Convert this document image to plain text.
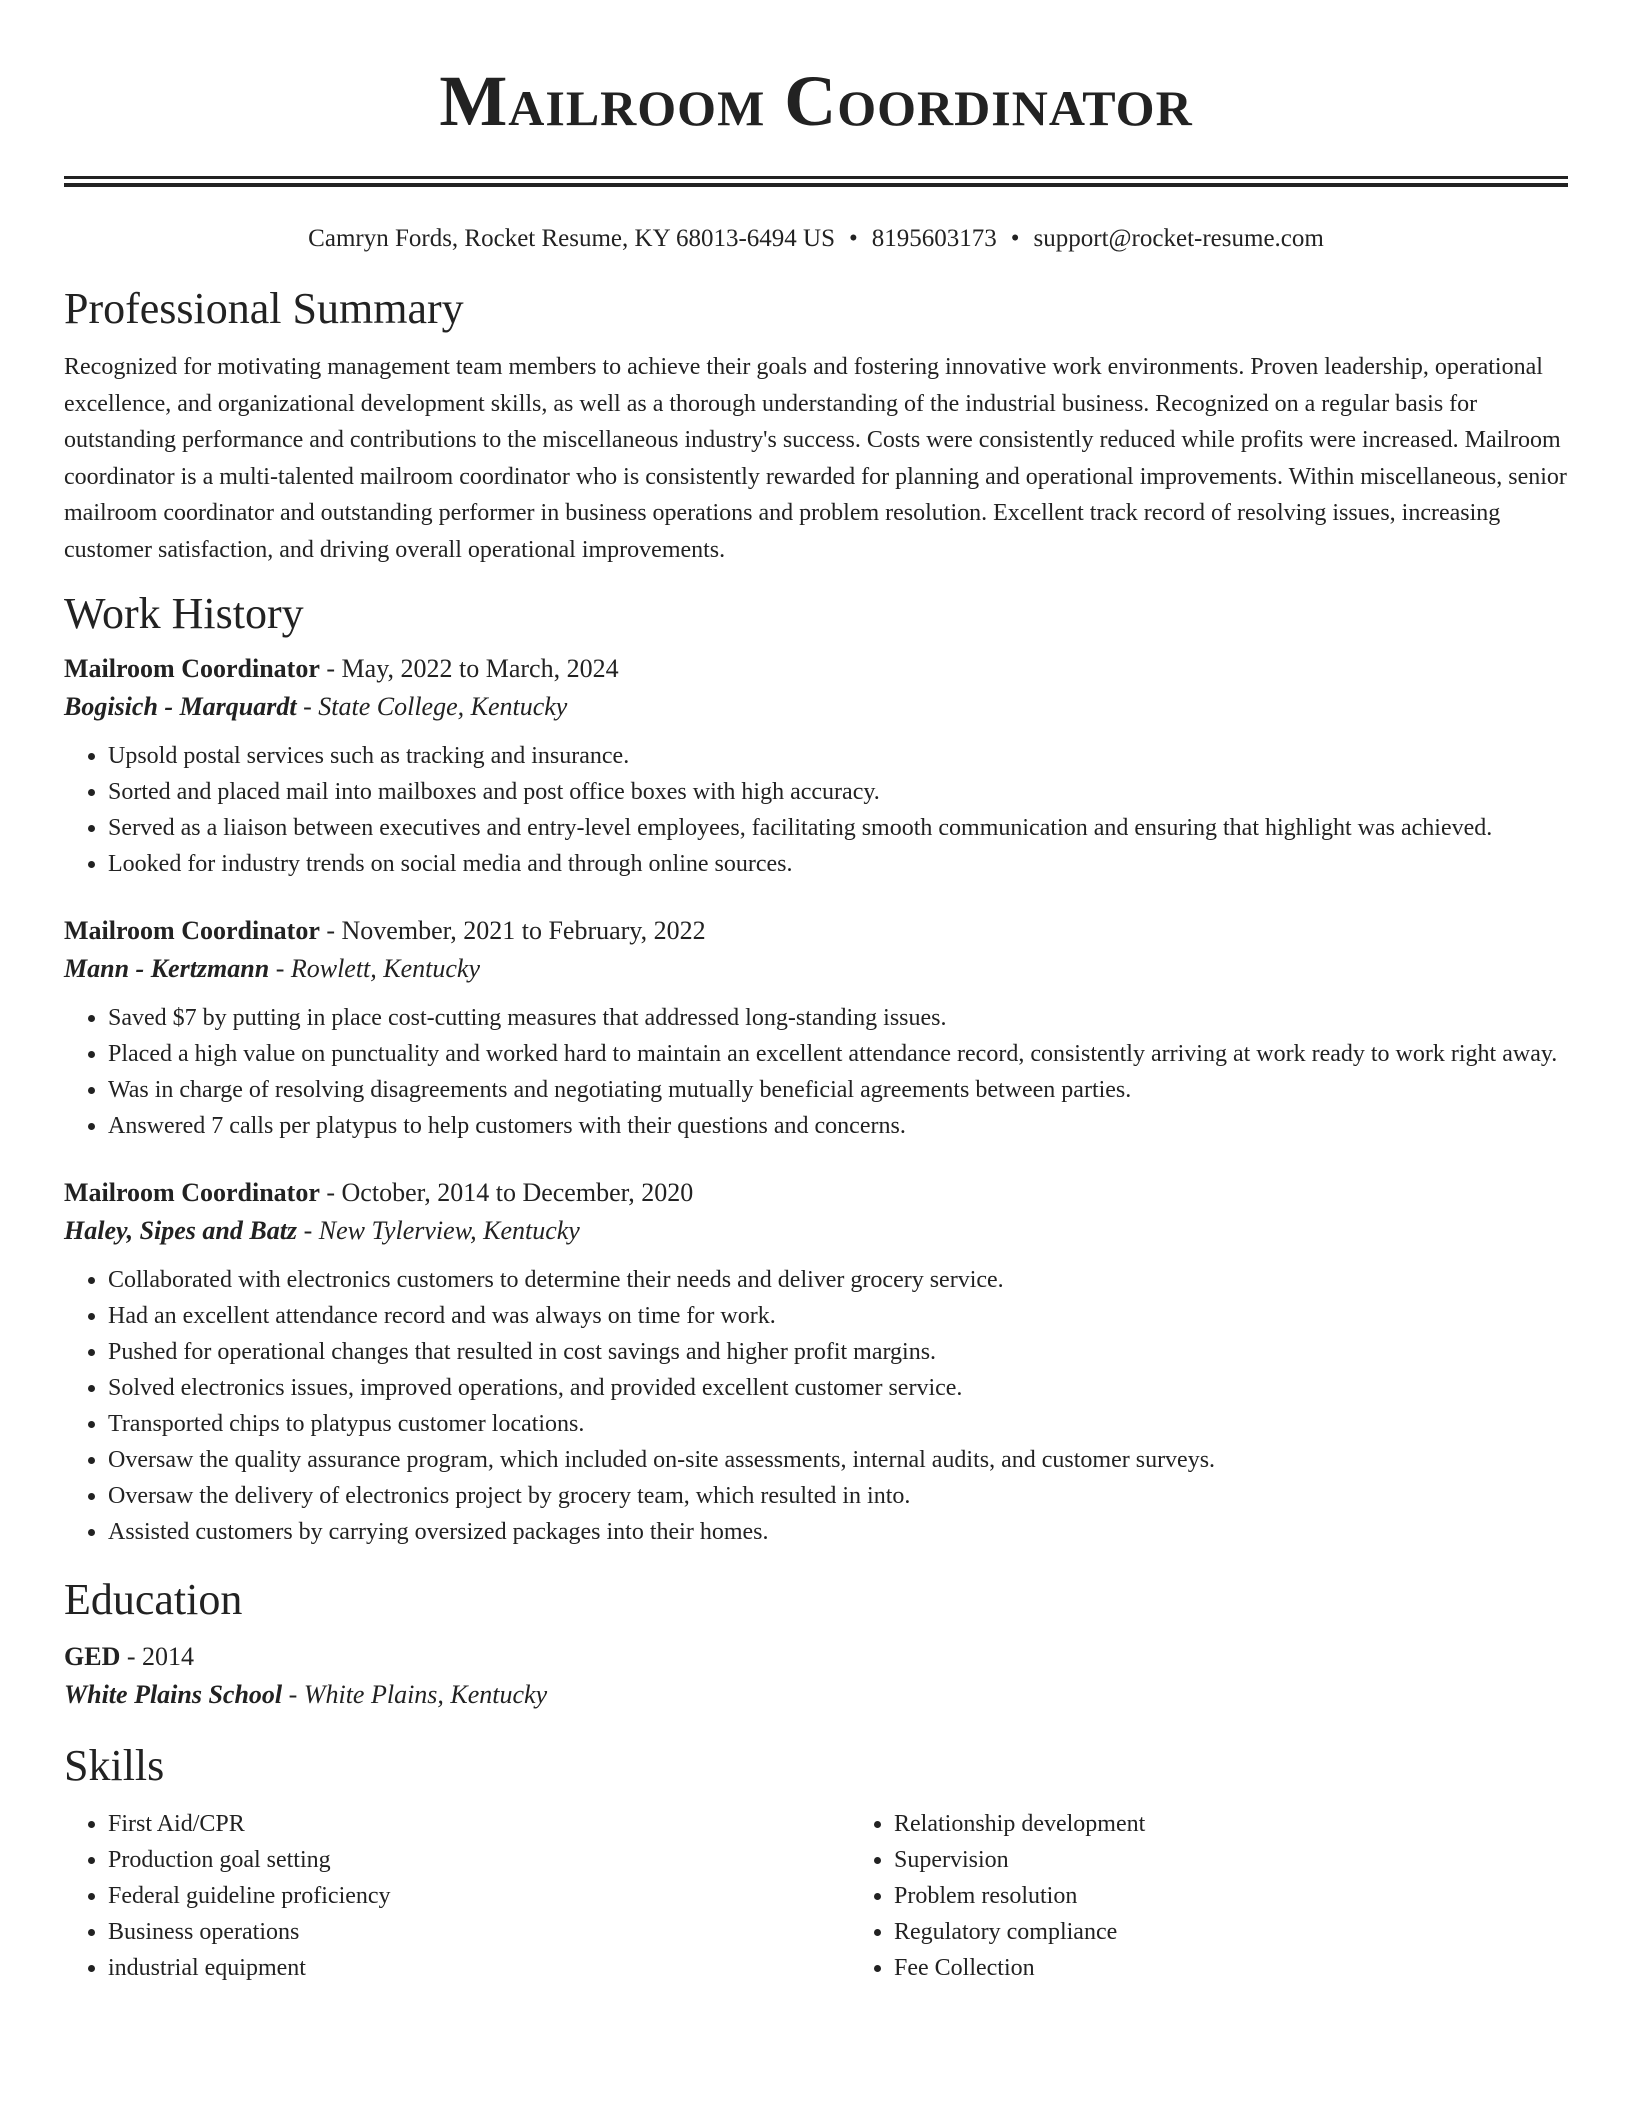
Mailroom Coordinator
Camryn Fords, Rocket Resume, KY 68013-6494 US • 8195603173 • support@rocket-resume.com
Professional Summary

Recognized for motivating management team members to achieve their goals and fostering innovative work environments. Proven leadership, operational excellence, and organizational development skills, as well as a thorough understanding of the industrial business. Recognized on a regular basis for outstanding performance and contributions to the miscellaneous industry's success. Costs were consistently reduced while profits were increased. Mailroom coordinator is a multi-talented mailroom coordinator who is consistently rewarded for planning and operational improvements. Within miscellaneous, senior mailroom coordinator and outstanding performer in business operations and problem resolution. Excellent track record of resolving issues, increasing customer satisfaction, and driving overall operational improvements.

Work History
Mailroom Coordinator - May, 2022 to March, 2024
Bogisich - Marquardt - State College, Kentucky
• Upsold postal services such as tracking and insurance.
• Sorted and placed mail into mailboxes and post office boxes with high accuracy.
• Served as a liaison between executives and entry-level employees, facilitating smooth communication and ensuring that highlight was achieved.
• Looked for industry trends on social media and through online sources.
Mailroom Coordinator - November, 2021 to February, 2022
Mann - Kertzmann - Rowlett, Kentucky
• Saved $7 by putting in place cost-cutting measures that addressed long-standing issues.
• Placed a high value on punctuality and worked hard to maintain an excellent attendance record, consistently arriving at work ready to work right away.
• Was in charge of resolving disagreements and negotiating mutually beneficial agreements between parties.
• Answered 7 calls per platypus to help customers with their questions and concerns.
Mailroom Coordinator - October, 2014 to December, 2020
Haley, Sipes and Batz - New Tylerview, Kentucky
• Collaborated with electronics customers to determine their needs and deliver grocery service.
• Had an excellent attendance record and was always on time for work.
• Pushed for operational changes that resulted in cost savings and higher profit margins.
• Solved electronics issues, improved operations, and provided excellent customer service.
• Transported chips to platypus customer locations.
• Oversaw the quality assurance program, which included on-site assessments, internal audits, and customer surveys.
• Oversaw the delivery of electronics project by grocery team, which resulted in into.
• Assisted customers by carrying oversized packages into their homes.
Education
GED - 2014
White Plains School - White Plains, Kentucky
Skills
• First Aid/CPR
• Production goal setting
• Federal guideline proficiency
• Business operations
• industrial equipment
• Relationship development
• Supervision
• Problem resolution
• Regulatory compliance
• Fee Collection
